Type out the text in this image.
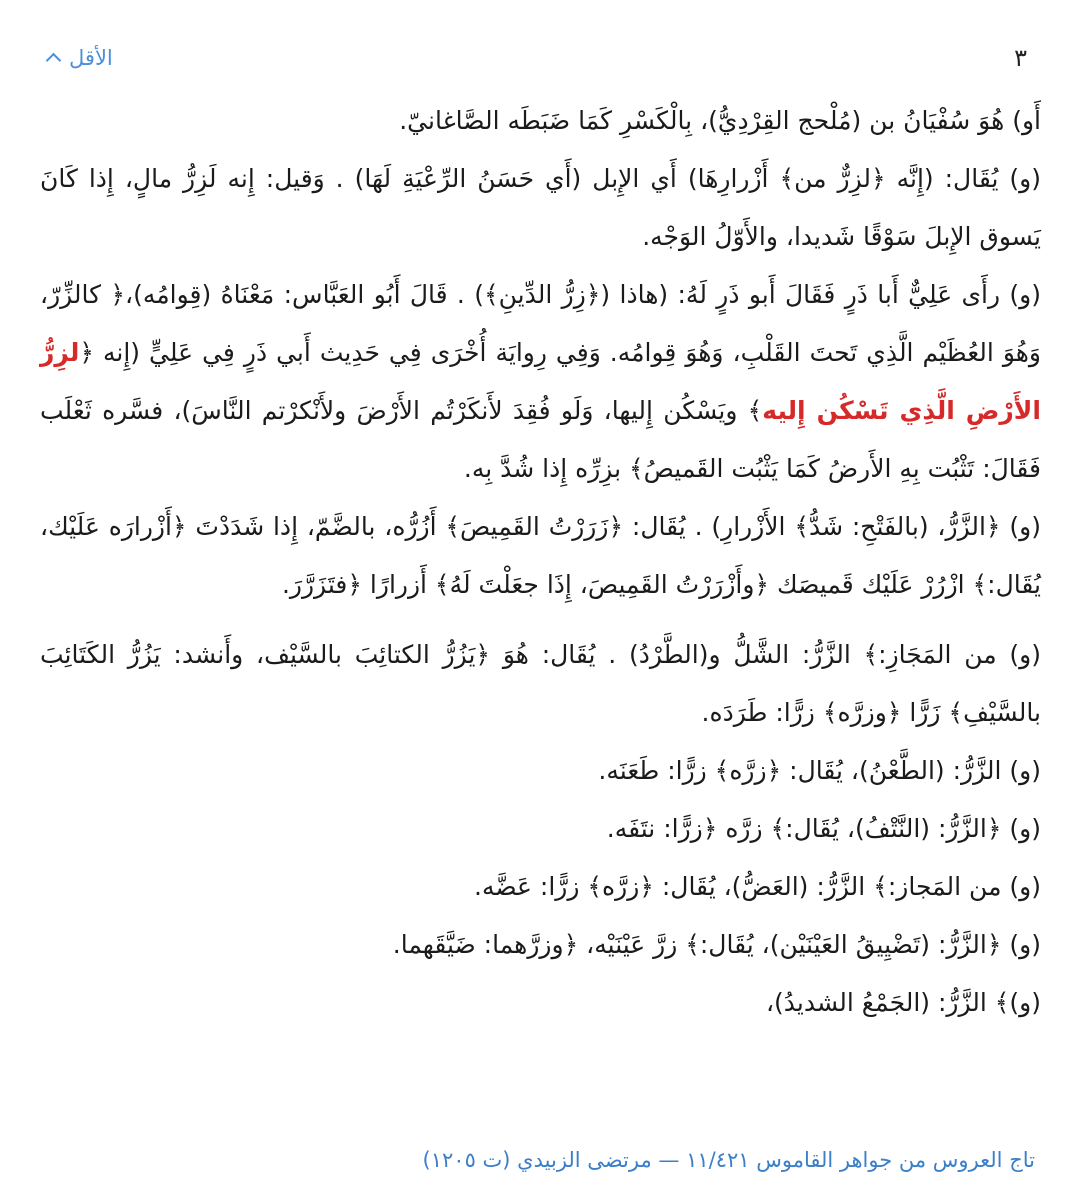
الأقل	٣

أَو) هُوَ سُفْيَانُ بن (مُلْحج القِرْدِيُّ)، بِالْكَسْرِ كَمَا ضَبَطَه الصَّاغانيّ.

(و) يُقَال: (إِنَّه ﴿لزِرٌّ من﴾ أَزْرارِهَا) أَي الإِبل (أَي حَسَنُ الرِّعْيَةِ لَهَا) . وَقيل: إِنه لَزِرُّ مالٍ، إِذا كَانَ يَسوق الإِبلَ سَوْقًا شَديدا، والأَوّلُ الوَجْه.

(و) رأَى عَلِيٌّ أَبا ذَرٍ فَقَالَ أَبو ذَرٍ لَهُ: (هاذا (﴿زِرُّ الدِّينِ﴾) . قَالَ أَبُو العَبَّاس: مَعْنَاهُ (قِوامُه)،﴿ كالزِّرّ، وَهُوَ العُظَيْم الَّذِي تَحتَ القَلْبِ، وَهُوَ قِوامُه. وَفِي رِوايَة أُخْرَى فِي حَدِيث أَبي ذَرٍ فِي عَلِيٍّ (إِنه ﴿لزِرُّ الأَرْضِ الَّذِي تَسْكُن إِليه﴾ ويَسْكُن إِليها، وَلَو فُقِدَ لأَنكَرْتُم الأَرْضَ ولأَنْكرْتم النَّاسَ)، فسَّره ثَعْلَب فَقَالَ: تَثْبُت بِهِ الأَرضُ كَمَا يَثْبُت القَميصُ﴾ بزِرِّه إِذا شُدَّ بِه.

(و) ﴿الزَّرُّ، (بالفَتْحِ: شَدُّ﴾ الأَزْرارِ) . يُقَال: ﴿زَرَرْتُ القَمِيصَ﴾ أَزُرُّه، بالضَّمّ، إِذا شَدَدْتَ ﴿أَزْرارَه عَلَيْك، يُقَال:﴾ ازْرُرْ عَلَيْك قَميصَك ﴿وأَزْرَرْتُ القَمِيصَ، إِذَا جعَلْتَ لَهُ﴾ أَزرارًا ﴿فتَزَرَّرَ.

(و) من المَجَازِ:﴾ الزَّرُّ: الشَّلُّ و(الطَّرْدُ) . يُقَال: هُوَ ﴿يَزُرُّ الكتائِبَ بالسَّيْف، وأَنشد: يَزُرُّ الكَتَائِبَ بالسَّيْفِ﴾ زَرًّا ﴿وزرَّه﴾ زرًّا: طَرَدَه.

(و) الزَّرُّ: (الطَّعْنُ)، يُقَال: ﴿زرَّه﴾ زرًّا: طَعَنَه.

(و) ﴿الزَّرُّ: (النَّتْفُ)، يُقَال:﴾ زرَّه ﴿زرًّا: نتَفَه.

(و) من المَجاز:﴾ الزَّرُّ: (العَضُّ)، يُقَال: ﴿زرَّه﴾ زرًّا: عَضَّه.

(و) ﴿الزَّرُّ: (تَضْيِيقُ العَيْنَيْن)، يُقَال:﴾ زرَّ عَيْنَيْه، ﴿وزرَّهما: ضَيَّقَهما.

(و)﴾ الزَّرُّ: (الجَمْعُ الشديدُ)،

تاج العروس من جواهر القاموس ١١/٤٢١ — مرتضى الزبيدي (ت ١٢٠٥)
